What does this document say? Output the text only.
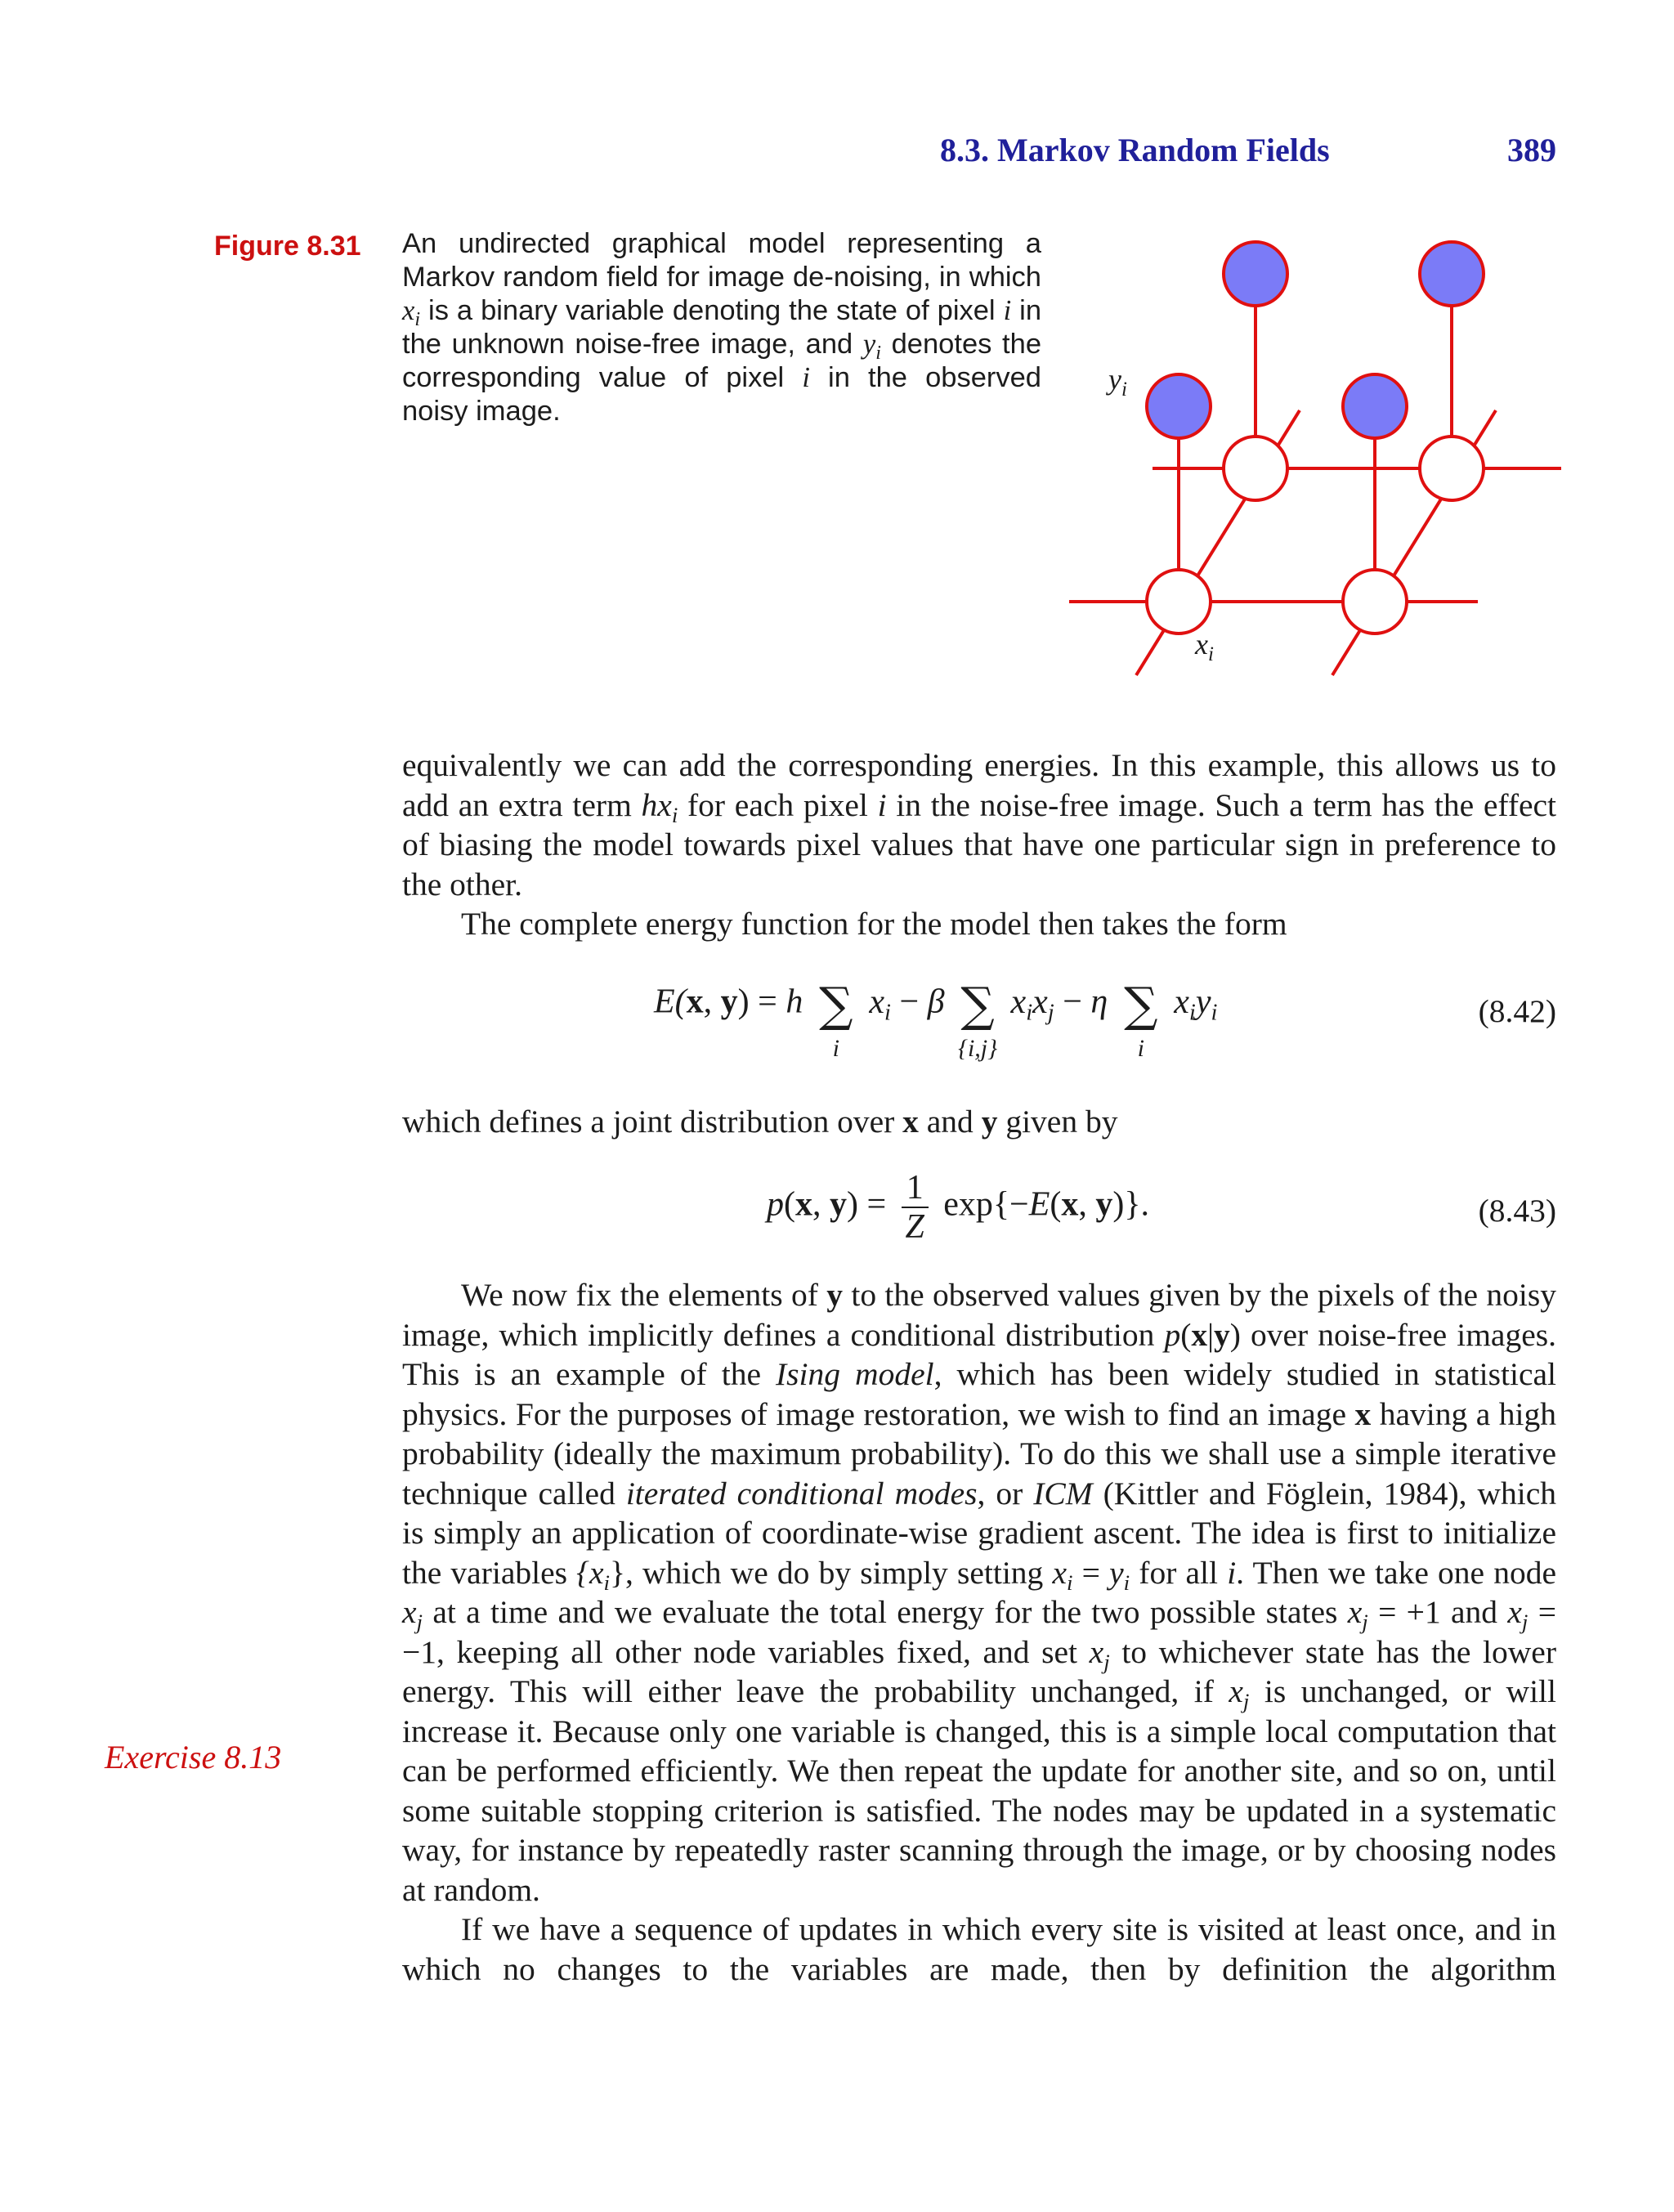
8.3. Markov Random Fields	389
Figure 8.31 An undirected graphical model representing a Markov random field for image de-noising, in which $x_i$ is a binary variable denoting the state of pixel i in the unknown noise-free image, and $y_i$ denotes the corresponding value of pixel i in the observed noisy image.
$y_i$
$x_i$

equivalently we can add the corresponding energies. In this example, this allows us to add an extra term $hx_i$ for each pixel i in the noise-free image. Such a term has the effect of biasing the model towards pixel values that have one particular sign in preference to the other.

The complete energy function for the model then takes the form

E(x, y) = h ∑
i
$x_i - \beta$ ∑
{i,j}
$x_ix_j - \eta$ ∑
i
$x_iy_i$	(8.42)

which defines a joint distribution over x and y given by

p(x, $y) = \frac{1}{Z} \exp\{-E(x$, y)}.	(8.43)

We now fix the elements of y to the observed values given by the pixels of the noisy image, which implicitly defines a conditional distribution p(x|y) over noise-free images. This is an example of the Ising model, which has been widely studied in statistical physics. For the purposes of image restoration, we wish to find an image x having a high probability (ideally the maximum probability). To do this we shall use a simple iterative technique called iterated conditional modes, or ICM (Kittler and Föglein, 1984), which is simply an application of coordinate-wise gradient ascent. The idea is first to initialize the variables $\{x_i\}$, which we do by simply setting $x_i = y_i$ for all i. Then we take one node $x_j$ at a time and we evaluate the total energy for the two possible states $x_j = +1$ and $x_j = -1$, keeping all other node variables fixed, and set $x_j$ to whichever state has the lower energy. This will either leave the probability unchanged, if $x_j$ is unchanged, or will increase it. Because only one variable is changed, this is a simple local computation that can be performed efficiently. We then repeat the update for another site, and so on, until some suitable stopping criterion is satisfied. The nodes may be updated in a systematic way, for instance by repeatedly raster scanning through the image, or by choosing nodes at random.

If we have a sequence of updates in which every site is visited at least once, and in which no changes to the variables are made, then by definition the algorithm

Exercise 8.13
